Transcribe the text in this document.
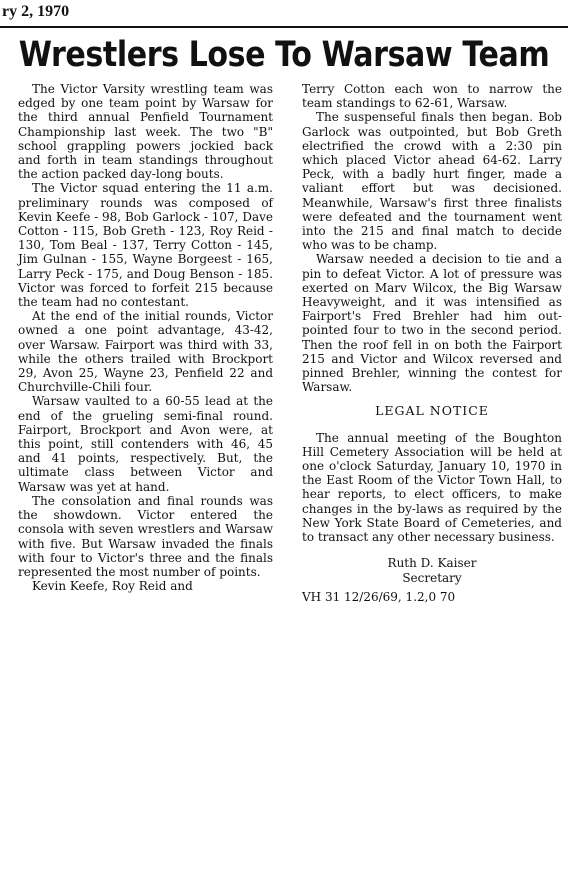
ry 2, 1970
Wrestlers Lose To Warsaw Team

The Victor Varsity wrestling team was edged by one team point by Warsaw for the third annual Penfield Tournament Championship last week. The two "B" school grappling powers jockied back and forth in team standings throughout the action packed day-long bouts.

The Victor squad entering the 11 a.m. preliminary rounds was composed of Kevin Keefe - 98, Bob Garlock - 107, Dave Cotton - 115, Bob Greth - 123, Roy Reid - 130, Tom Beal - 137, Terry Cotton - 145, Jim Gulnan - 155, Wayne Borgeest - 165, Larry Peck - 175, and Doug Benson - 185. Victor was forced to forfeit 215 because the team had no contestant.

At the end of the initial rounds, Victor owned a one point advantage, 43-42, over Warsaw. Fairport was third with 33, while the others trailed with Brockport 29, Avon 25, Wayne 23, Penfield 22 and Churchville-Chili four.

Warsaw vaulted to a 60-55 lead at the end of the grueling semi-final round. Fairport, Brockport and Avon were, at this point, still contenders with 46, 45 and 41 points, respectively. But, the ultimate class between Victor and Warsaw was yet at hand.

The consolation and final rounds was the showdown. Victor entered the consola with seven wrestlers and Warsaw with five. But Warsaw invaded the finals with four to Victor's three and the finals represented the most number of points.

Kevin Keefe, Roy Reid and

Terry Cotton each won to narrow the team standings to 62-61, Warsaw.

The suspenseful finals then began. Bob Garlock was outpointed, but Bob Greth electrified the crowd with a 2:30 pin which placed Victor ahead 64-62. Larry Peck, with a badly hurt finger, made a valiant effort but was decisioned. Meanwhile, Warsaw's first three finalists were defeated and the tournament went into the 215 and final match to decide who was to be champ.

Warsaw needed a decision to tie and a pin to defeat Victor. A lot of pressure was exerted on Marv Wilcox, the Big Warsaw Heavyweight, and it was intensified as Fairport's Fred Brehler had him out-pointed four to two in the second period. Then the roof fell in on both the Fairport 215 and Victor and Wilcox reversed and pinned Brehler, winning the contest for Warsaw.

LEGAL NOTICE

The annual meeting of the Boughton Hill Cemetery Association will be held at one o'clock Saturday, January 10, 1970 in the East Room of the Victor Town Hall, to hear reports, to elect officers, to make changes in the by-laws as required by the New York State Board of Cemeteries, and to transact any other necessary business.

Ruth D. Kaiser
Secretary
VH 31 12/26/69, 1.2,0 70
